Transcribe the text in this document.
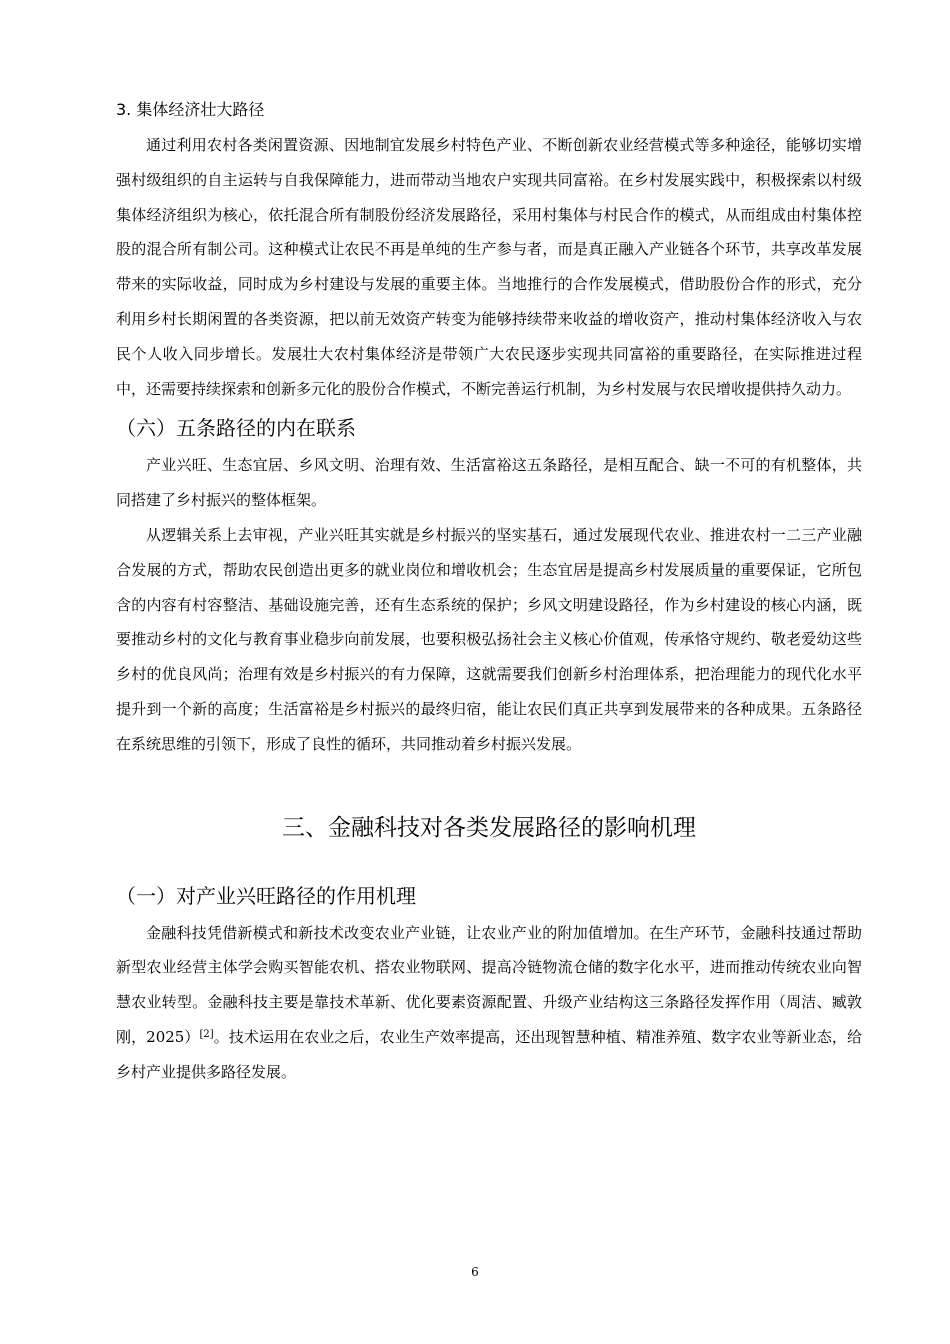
3. 集体经济壮大路径

通过利用农村各类闲置资源、因地制宜发展乡村特色产业、不断创新农业经营模式等多种途径，能够切实增强村级组织的自主运转与自我保障能力，进而带动当地农户实现共同富裕。在乡村发展实践中，积极探索以村级集体经济组织为核心，依托混合所有制股份经济发展路径，采用村集体与村民合作的模式，从而组成由村集体控股的混合所有制公司。这种模式让农民不再是单纯的生产参与者，而是真正融入产业链各个环节，共享改革发展带来的实际收益，同时成为乡村建设与发展的重要主体。当地推行的合作发展模式，借助股份合作的形式，充分利用乡村长期闲置的各类资源，把以前无效资产转变为能够持续带来收益的增收资产，推动村集体经济收入与农民个人收入同步增长。发展壮大农村集体经济是带领广大农民逐步实现共同富裕的重要路径，在实际推进过程中，还需要持续探索和创新多元化的股份合作模式，不断完善运行机制，为乡村发展与农民增收提供持久动力。

（六）五条路径的内在联系

产业兴旺、生态宜居、乡风文明、治理有效、生活富裕这五条路径，是相互配合、缺一不可的有机整体，共同搭建了乡村振兴的整体框架。

从逻辑关系上去审视，产业兴旺其实就是乡村振兴的坚实基石，通过发展现代农业、推进农村一二三产业融合发展的方式，帮助农民创造出更多的就业岗位和增收机会；生态宜居是提高乡村发展质量的重要保证，它所包含的内容有村容整洁、基础设施完善，还有生态系统的保护；乡风文明建设路径，作为乡村建设的核心内涵，既要推动乡村的文化与教育事业稳步向前发展，也要积极弘扬社会主义核心价值观，传承恪守规约、敬老爱幼这些乡村的优良风尚；治理有效是乡村振兴的有力保障，这就需要我们创新乡村治理体系，把治理能力的现代化水平提升到一个新的高度；生活富裕是乡村振兴的最终归宿，能让农民们真正共享到发展带来的各种成果。五条路径在系统思维的引领下，形成了良性的循环，共同推动着乡村振兴发展。

三、金融科技对各类发展路径的影响机理
（一）对产业兴旺路径的作用机理

金融科技凭借新模式和新技术改变农业产业链，让农业产业的附加值增加。在生产环节，金融科技通过帮助新型农业经营主体学会购买智能农机、搭农业物联网、提高冷链物流仓储的数字化水平，进而推动传统农业向智慧农业转型。金融科技主要是靠技术革新、优化要素资源配置、升级产业结构这三条路径发挥作用（周洁、臧敦刚，2025）[2]。技术运用在农业之后，农业生产效率提高，还出现智慧种植、精准养殖、数字农业等新业态，给乡村产业提供多路径发展。

6
